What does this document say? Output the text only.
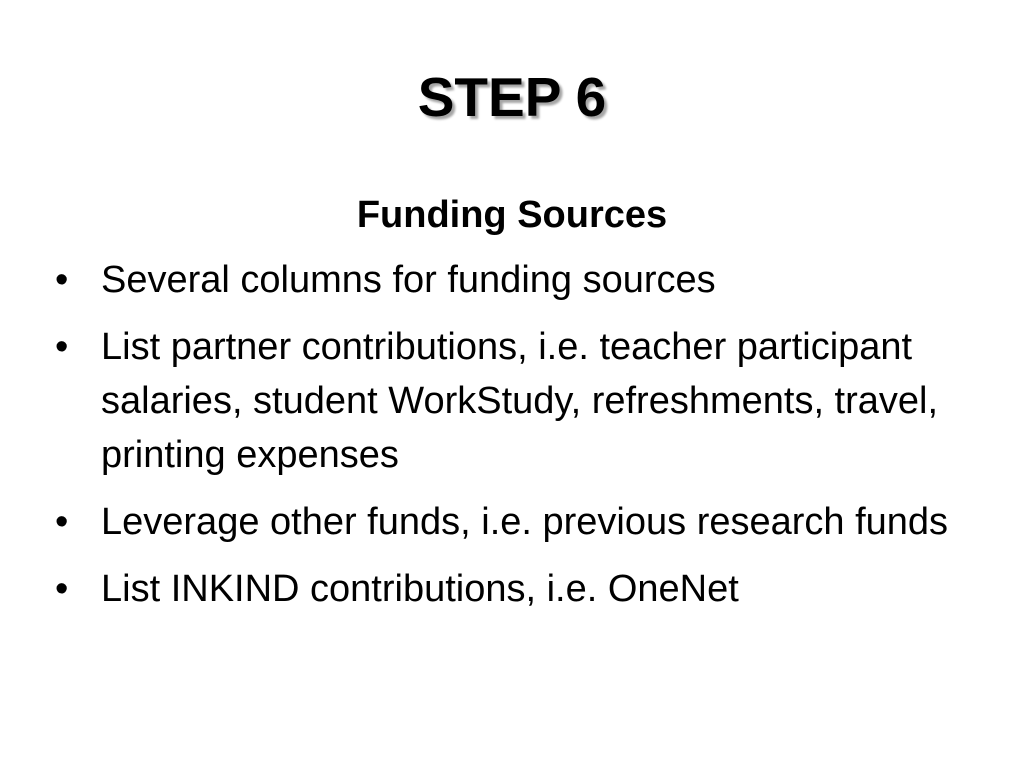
STEP 6
Funding Sources
• Several columns for funding sources
• List partner contributions, i.e. teacher participant salaries, student WorkStudy, refreshments, travel, printing expenses
• Leverage other funds, i.e. previous research funds
• List INKIND contributions, i.e. OneNet
